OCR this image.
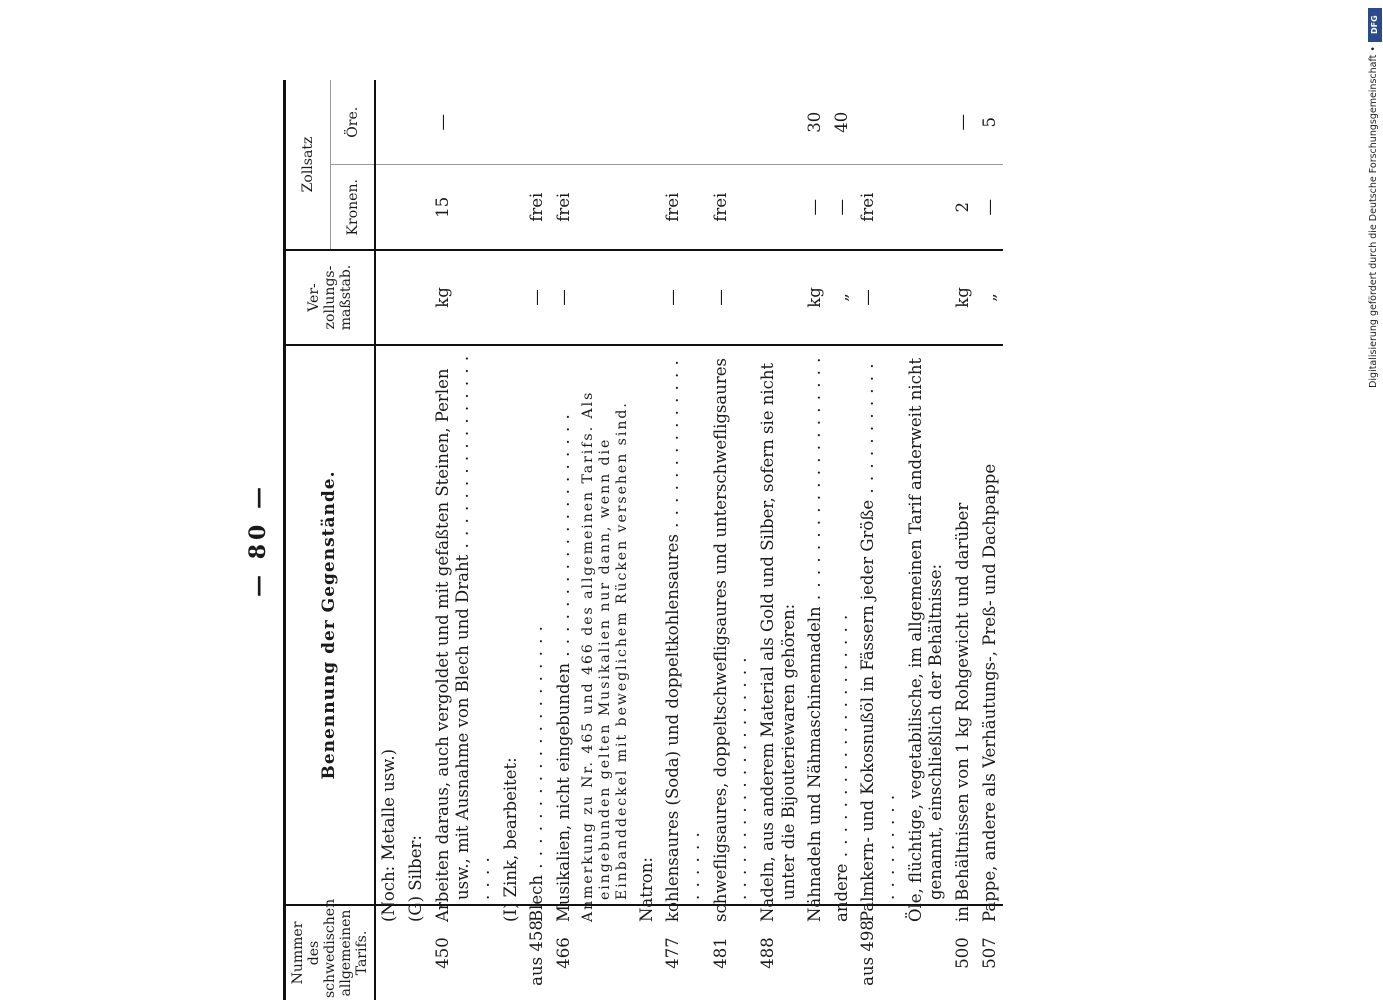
— 80 —
Nummer des schwedischen allgemeinen Tarifs.	Benennung der Gegenstände.	Ver- zollungs- maßstab.	Zollsatz	
			Kronen.	Öre.
	(Noch: Metalle usw.)			
	(G) Silber:			
450	Arbeiten daraus, auch vergoldet und mit gefaßten Steinen, Perlen usw., mit Ausnahme von Blech und Draht . . .	kg	15	—
	(I) Zink, bearbeitet:			
aus 458	Blech . . .	—	frei	
466	Musikalien, nicht eingebunden . . .	—	frei	
	Anmerkung zu Nr. 465 und 466 des allgemeinen Tarifs. Als eingebunden gelten Musikalien nur dann, wenn die Einbanddeckel mit beweglichem Rücken versehen sind.			
	Natron:			
477	kohlensaures (Soda) und doppeltkohlensaures . . .	—	frei	
481	schwefligsaures, doppeltschwefligsaures und unterschwefligsaures . . .	—	frei	
488	Nadeln, aus anderem Material als Gold und Silber, sofern sie nicht unter die Bijouteriewaren gehören:			
	Nähnadeln und Nähmaschinennadeln . . .	kg	—	30
	andere . . .	„	—	40
aus 498	Palmkern- und Kokosnußöl in Fässern jeder Größe . . .	—	frei	
	Öle, flüchtige, vegetabilische, im allgemeinen Tarif anderweit nicht genannt, einschließlich der Behältnisse:			
500	in Behältnissen von 1 kg Rohgewicht und darüber	kg	2	—
507	Pappe, andere als Verhäutungs-, Preß- und Dachpappe	„	—	5
DFG
Digitalisierung gefördert durch die Deutsche Forschungsgemeinschaft •
